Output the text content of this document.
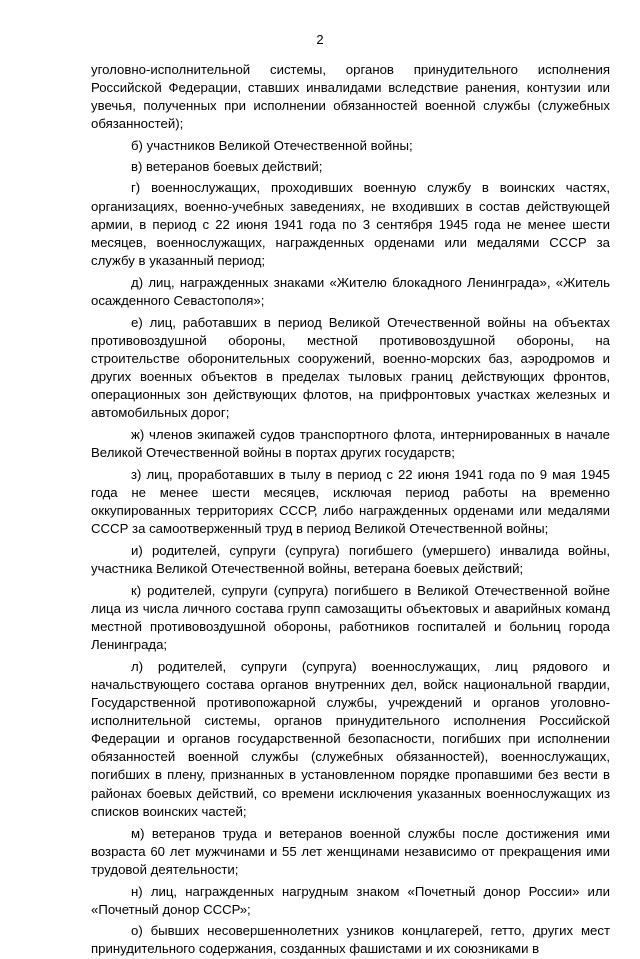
2

уголовно-исполнительной системы, органов принудительного исполнения Российской Федерации, ставших инвалидами вследствие ранения, контузии или увечья, полученных при исполнении обязанностей военной службы (служебных обязанностей);

б) участников Великой Отечественной войны;

в) ветеранов боевых действий;

г) военнослужащих, проходивших военную службу в воинских частях, организациях, военно-учебных заведениях, не входивших в состав действующей армии, в период с 22 июня 1941 года по 3 сентября 1945 года не менее шести месяцев, военнослужащих, награжденных орденами или медалями СССР за службу в указанный период;

д) лиц, награжденных знаками «Жителю блокадного Ленинграда», «Житель осажденного Севастополя»;

е) лиц, работавших в период Великой Отечественной войны на объектах противовоздушной обороны, местной противовоздушной обороны, на строительстве оборонительных сооружений, военно-морских баз, аэродромов и других военных объектов в пределах тыловых границ действующих фронтов, операционных зон действующих флотов, на прифронтовых участках железных и автомобильных дорог;

ж) членов экипажей судов транспортного флота, интернированных в начале Великой Отечественной войны в портах других государств;

з) лиц, проработавших в тылу в период с 22 июня 1941 года по 9 мая 1945 года не менее шести месяцев, исключая период работы на временно оккупированных территориях СССР, либо награжденных орденами или медалями СССР за самоотверженный труд в период Великой Отечественной войны;

и) родителей, супруги (супруга) погибшего (умершего) инвалида войны, участника Великой Отечественной войны, ветерана боевых действий;

к) родителей, супруги (супруга) погибшего в Великой Отечественной войне лица из числа личного состава групп самозащиты объектовых и аварийных команд местной противовоздушной обороны, работников госпиталей и больниц города Ленинграда;

л) родителей, супруги (супруга) военнослужащих, лиц рядового и начальствующего состава органов внутренних дел, войск национальной гвардии, Государственной противопожарной службы, учреждений и органов уголовно-исполнительной системы, органов принудительного исполнения Российской Федерации и органов государственной безопасности, погибших при исполнении обязанностей военной службы (служебных обязанностей), военнослужащих, погибших в плену, признанных в установленном порядке пропавшими без вести в районах боевых действий, со времени исключения указанных военнослужащих из списков воинских частей;

м) ветеранов труда и ветеранов военной службы после достижения ими возраста 60 лет мужчинами и 55 лет женщинами независимо от прекращения ими трудовой деятельности;

н) лиц, награжденных нагрудным знаком «Почетный донор России» или «Почетный донор СССР»;

о) бывших несовершеннолетних узников концлагерей, гетто, других мест принудительного содержания, созданных фашистами и их союзниками в
